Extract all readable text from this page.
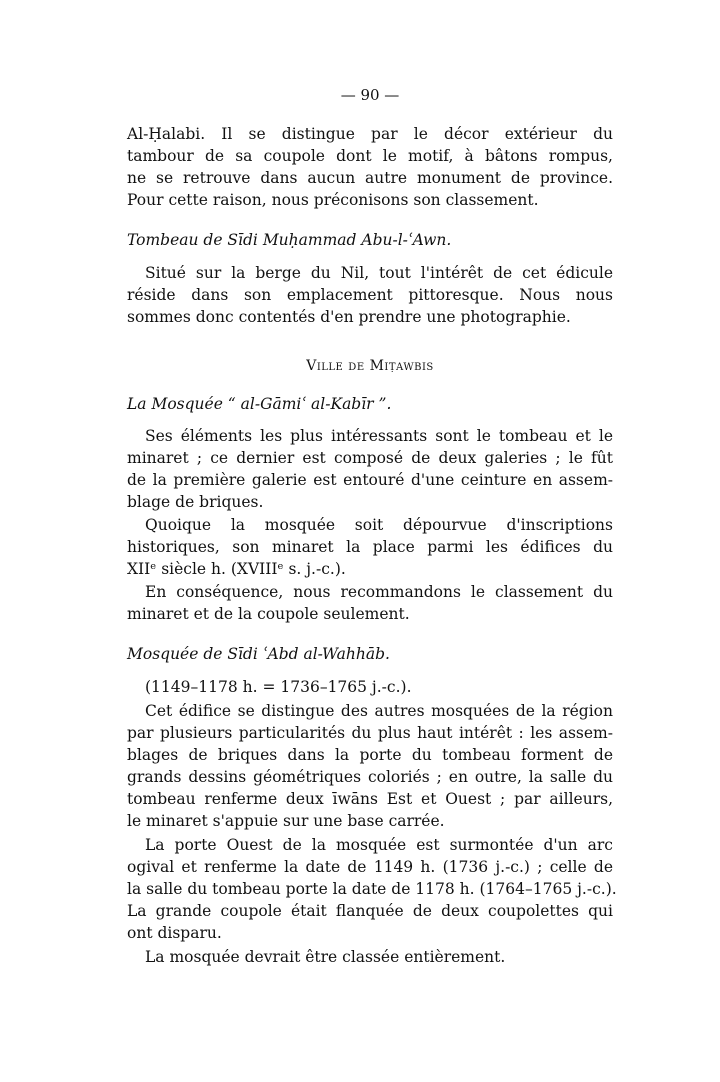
— 90 —
Al-Ḥalabi. Il se distingue par le décor extérieur du
tambour de sa coupole dont le motif, à bâtons rompus,
ne se retrouve dans aucun autre monument de province.
Pour cette raison, nous préconisons son classement.
Tombeau de Sīdi Muḥammad Abu-l-ʿAwn.
Situé sur la berge du Nil, tout l'intérêt de cet édicule
réside dans son emplacement pittoresque. Nous nous
sommes donc contentés d'en prendre une photographie.
Ville de Miṭawbis
La Mosquée “ al-Gāmiʿ al-Kabīr ”.
Ses éléments les plus intéressants sont le tombeau et le
minaret ; ce dernier est composé de deux galeries ; le fût
de la première galerie est entouré d'une ceinture en assem-
blage de briques.
Quoique la mosquée soit dépourvue d'inscriptions
historiques, son minaret la place parmi les édifices du
XIIᵉ siècle h. (XVIIIᵉ s. j.-c.).
En conséquence, nous recommandons le classement du
minaret et de la coupole seulement.
Mosquée de Sīdi ʿAbd al-Wahhāb.
(1149–1178 h. = 1736–1765 j.-c.).
Cet édifice se distingue des autres mosquées de la région
par plusieurs particularités du plus haut intérêt : les assem-
blages de briques dans la porte du tombeau forment de
grands dessins géométriques coloriés ; en outre, la salle du
tombeau renferme deux īwāns Est et Ouest ; par ailleurs,
le minaret s'appuie sur une base carrée.
La porte Ouest de la mosquée est surmontée d'un arc
ogival et renferme la date de 1149 h. (1736 j.-c.) ; celle de
la salle du tombeau porte la date de 1178 h. (1764–1765 j.-c.).
La grande coupole était flanquée de deux coupolettes qui
ont disparu.
La mosquée devrait être classée entièrement.
